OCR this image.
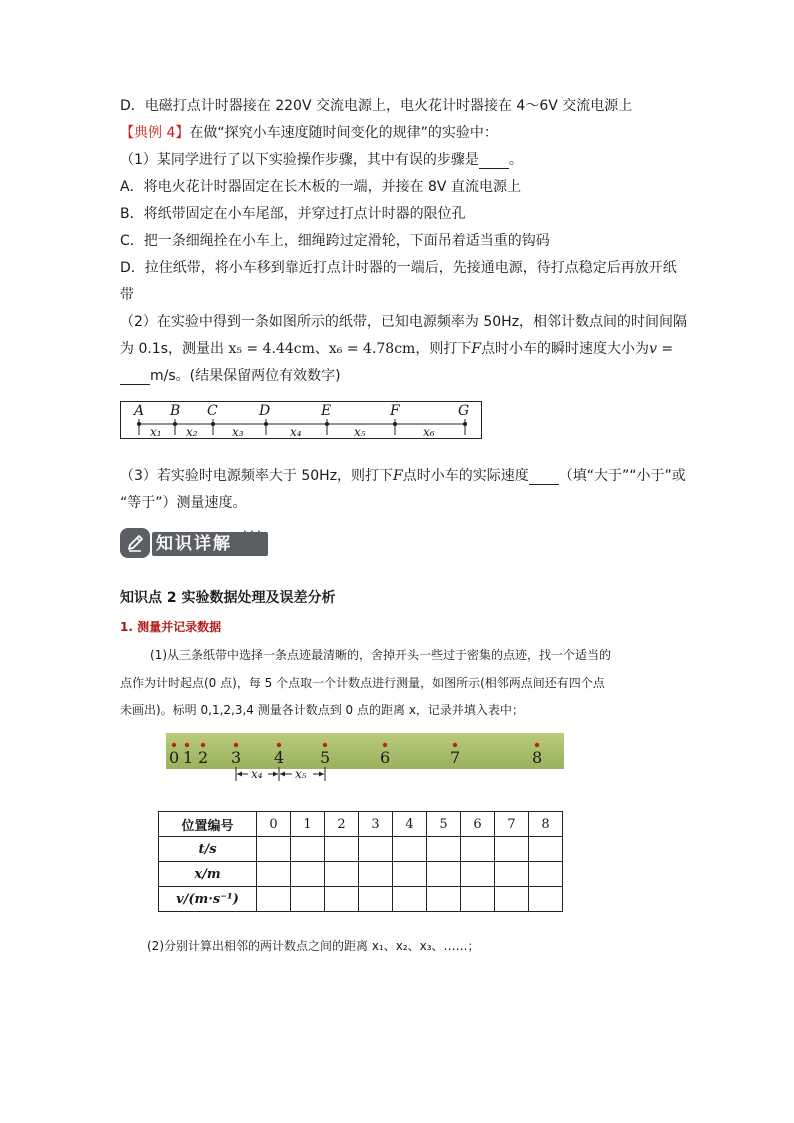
D．电磁打点计时器接在 220V 交流电源上，电火花计时器接在 4～6V 交流电源上
【典例 4】在做“探究小车速度随时间变化的规律”的实验中：
（1）某同学进行了以下实验操作步骤，其中有误的步骤是 。
A．将电火花计时器固定在长木板的一端，并接在 8V 直流电源上
B．将纸带固定在小车尾部，并穿过打点计时器的限位孔
C．把一条细绳拴在小车上，细绳跨过定滑轮，下面吊着适当重的钩码
D．拉住纸带，将小车移到靠近打点计时器的一端后，先接通电源，待打点稳定后再放开纸
带
（2）在实验中得到一条如图所示的纸带，已知电源频率为 50Hz，相邻计数点间的时间间隔
为 0.1s，测量出 x₅ = 4.44cm、x₆ = 4.78cm，则打下F点时小车的瞬时速度大小为v =
m/s。(结果保留两位有效数字)
A B C	D	E	F	G
x₁ x₂	x₃	x₄	x₅	x₆
（3）若实验时电源频率大于 50Hz，则打下F点时小车的实际速度 （填“大于”“小于”或
“等于”）测量速度。
知识详解
知识点 2 实验数据处理及误差分析
1. 测量并记录数据
(1)从三条纸带中选择一条点迹最清晰的，舍掉开头一些过于密集的点迹，找一个适当的
点作为计时起点(0 点)，每 5 个点取一个计数点进行测量，如图所示(相邻两点间还有四个点
未画出)。标明 0,1,2,3,4 测量各计数点到 0 点的距离 x，记录并填入表中；
0 1 2 3 4 5	6	7	8
x₄	x₅
位置编号	0	1	2	3	4	5	6	7	8
t/s									
x/m									
v/(m·s⁻¹)									
(2)分别计算出相邻的两计数点之间的距离 x₁、x₂、x₃、……；
